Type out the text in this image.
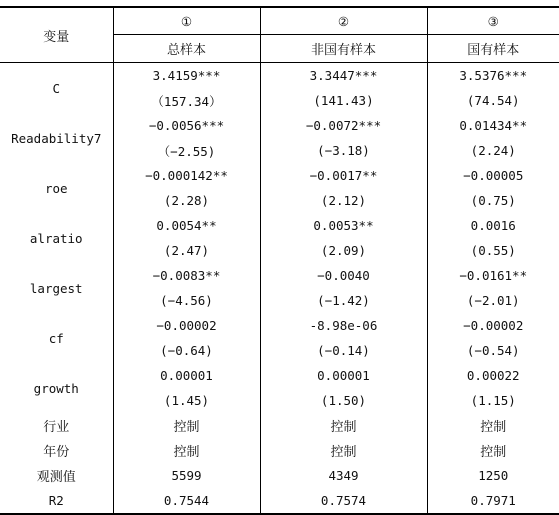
变量	①	②	③
	总样本	非国有样本	国有样本
C	3.4159***	3.3447***	3.5376***
	（157.34）	(141.43)	(74.54)
Readability7	−0.0056***	−0.0072***	0.01434**
	（−2.55)	(−3.18)	(2.24)
roe	−0.000142**	−0.0017**	−0.00005
	(2.28)	(2.12)	(0.75)
alratio	0.0054**	0.0053**	0.0016
	(2.47)	(2.09)	(0.55)
largest	−0.0083**	−0.0040	−0.0161**
	(−4.56)	(−1.42)	(−2.01)
cf	−0.00002	-8.98e-06	−0.00002
	(−0.64)	(−0.14)	(−0.54)
growth	0.00001	0.00001	0.00022
	(1.45)	(1.50)	(1.15)
行业	控制	控制	控制
年份	控制	控制	控制
观测值	5599	4349	1250
R2	0.7544	0.7574	0.7971
